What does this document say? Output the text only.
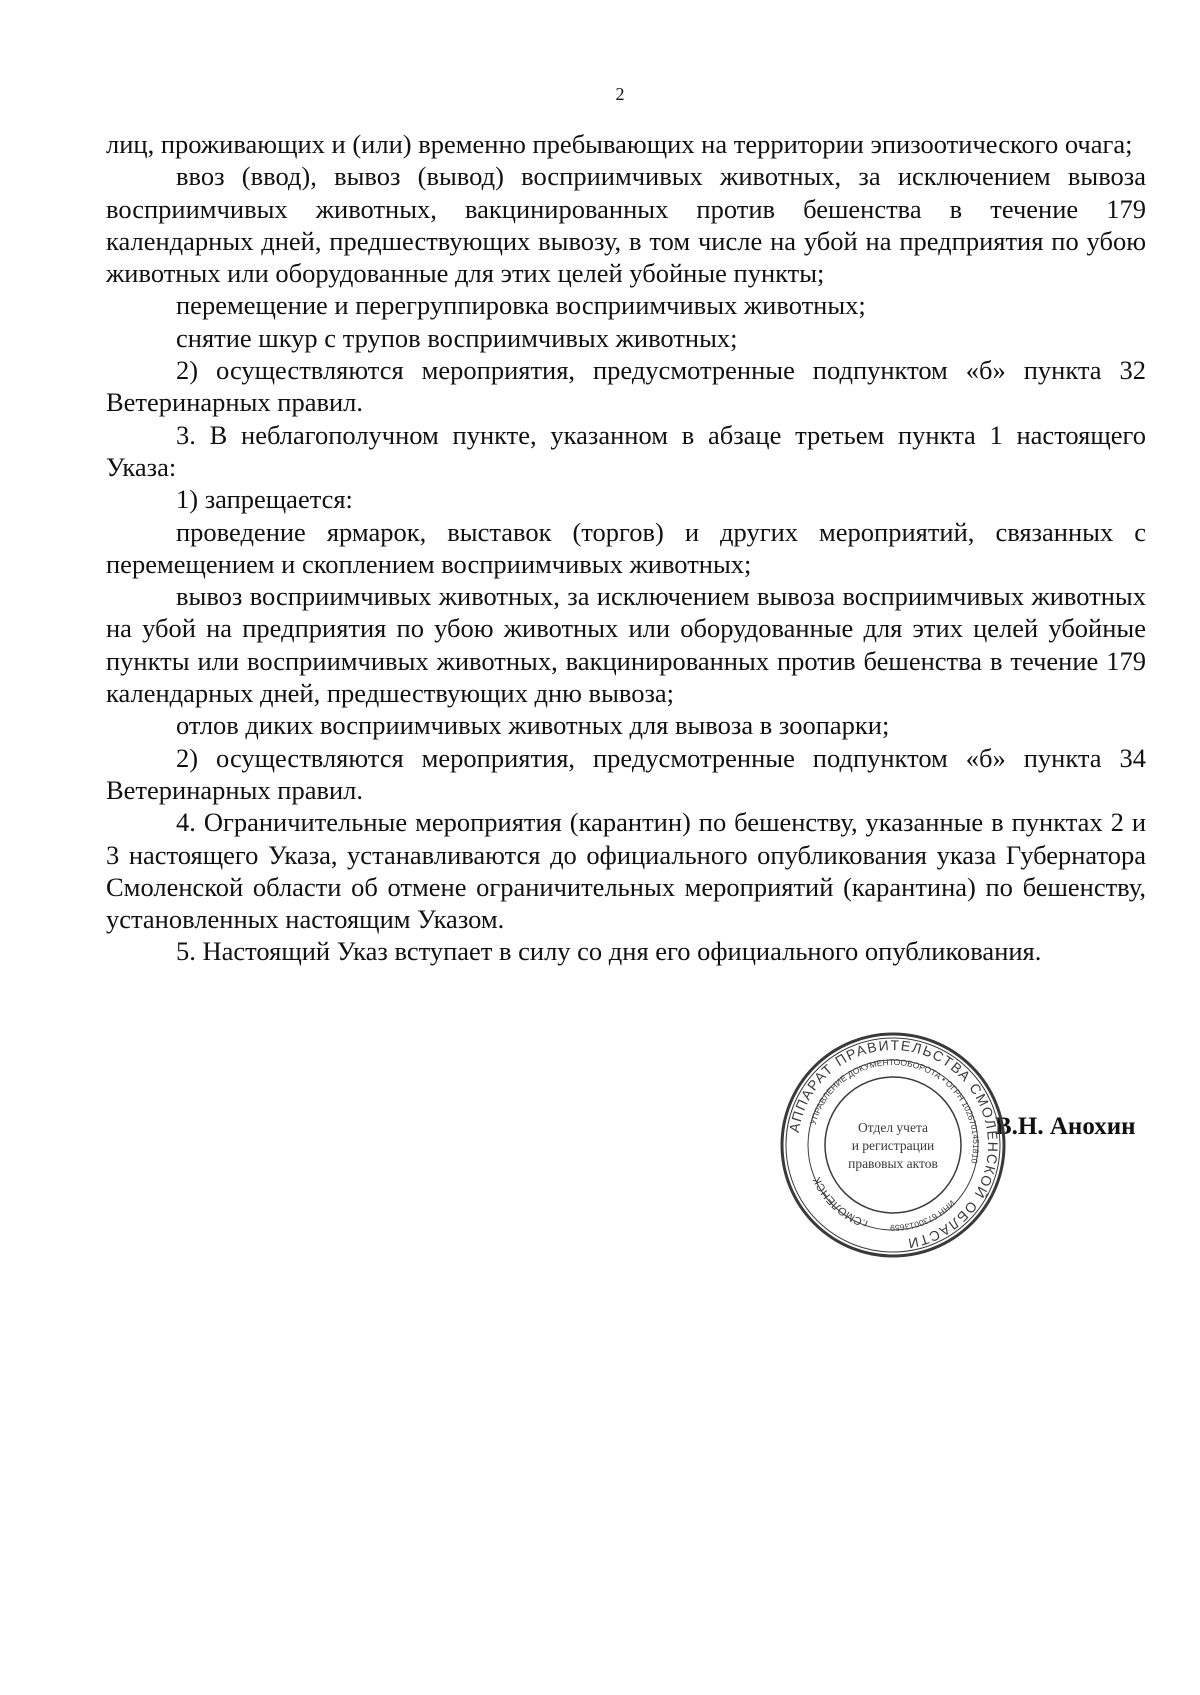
2

лиц, проживающих и (или) временно пребывающих на территории эпизоотического очага;

ввоз (ввод), вывоз (вывод) восприимчивых животных, за исключением вывоза восприимчивых животных, вакцинированных против бешенства в течение 179 календарных дней, предшествующих вывозу, в том числе на убой на предприятия по убою животных или оборудованные для этих целей убойные пункты;

перемещение и перегруппировка восприимчивых животных;

снятие шкур с трупов восприимчивых животных;

2) осуществляются мероприятия, предусмотренные подпунктом «б» пункта 32 Ветеринарных правил.

3. В неблагополучном пункте, указанном в абзаце третьем пункта 1 настоящего Указа:

1) запрещается:

проведение ярмарок, выставок (торгов) и других мероприятий, связанных с перемещением и скоплением восприимчивых животных;

вывоз восприимчивых животных, за исключением вывоза восприимчивых животных на убой на предприятия по убою животных или оборудованные для этих целей убойные пункты или восприимчивых животных, вакцинированных против бешенства в течение 179 календарных дней, предшествующих дню вывоза;

отлов диких восприимчивых животных для вывоза в зоопарки;

2) осуществляются мероприятия, предусмотренные подпунктом «б» пункта 34 Ветеринарных правил.

4. Ограничительные мероприятия (карантин) по бешенству, указанные в пунктах 2 и 3 настоящего Указа, устанавливаются до официального опубликования указа Губернатора Смоленской области об отмене ограничительных мероприятий (карантина) по бешенству, установленных настоящим Указом.

5. Настоящий Указ вступает в силу со дня его официального опубликования.

В.Н. Анохин
АППАРАТ ПРАВИТЕЛЬСТВА СМОЛЕНСКОЙ ОБЛАСТИ
УПРАВЛЕНИЕ ДОКУМЕНТООБОРОТА • ОГРН 1026701451810
ИНН 6730013659
г.СМОЛЕНСК
Отдел учета
и регистрации
правовых актов
